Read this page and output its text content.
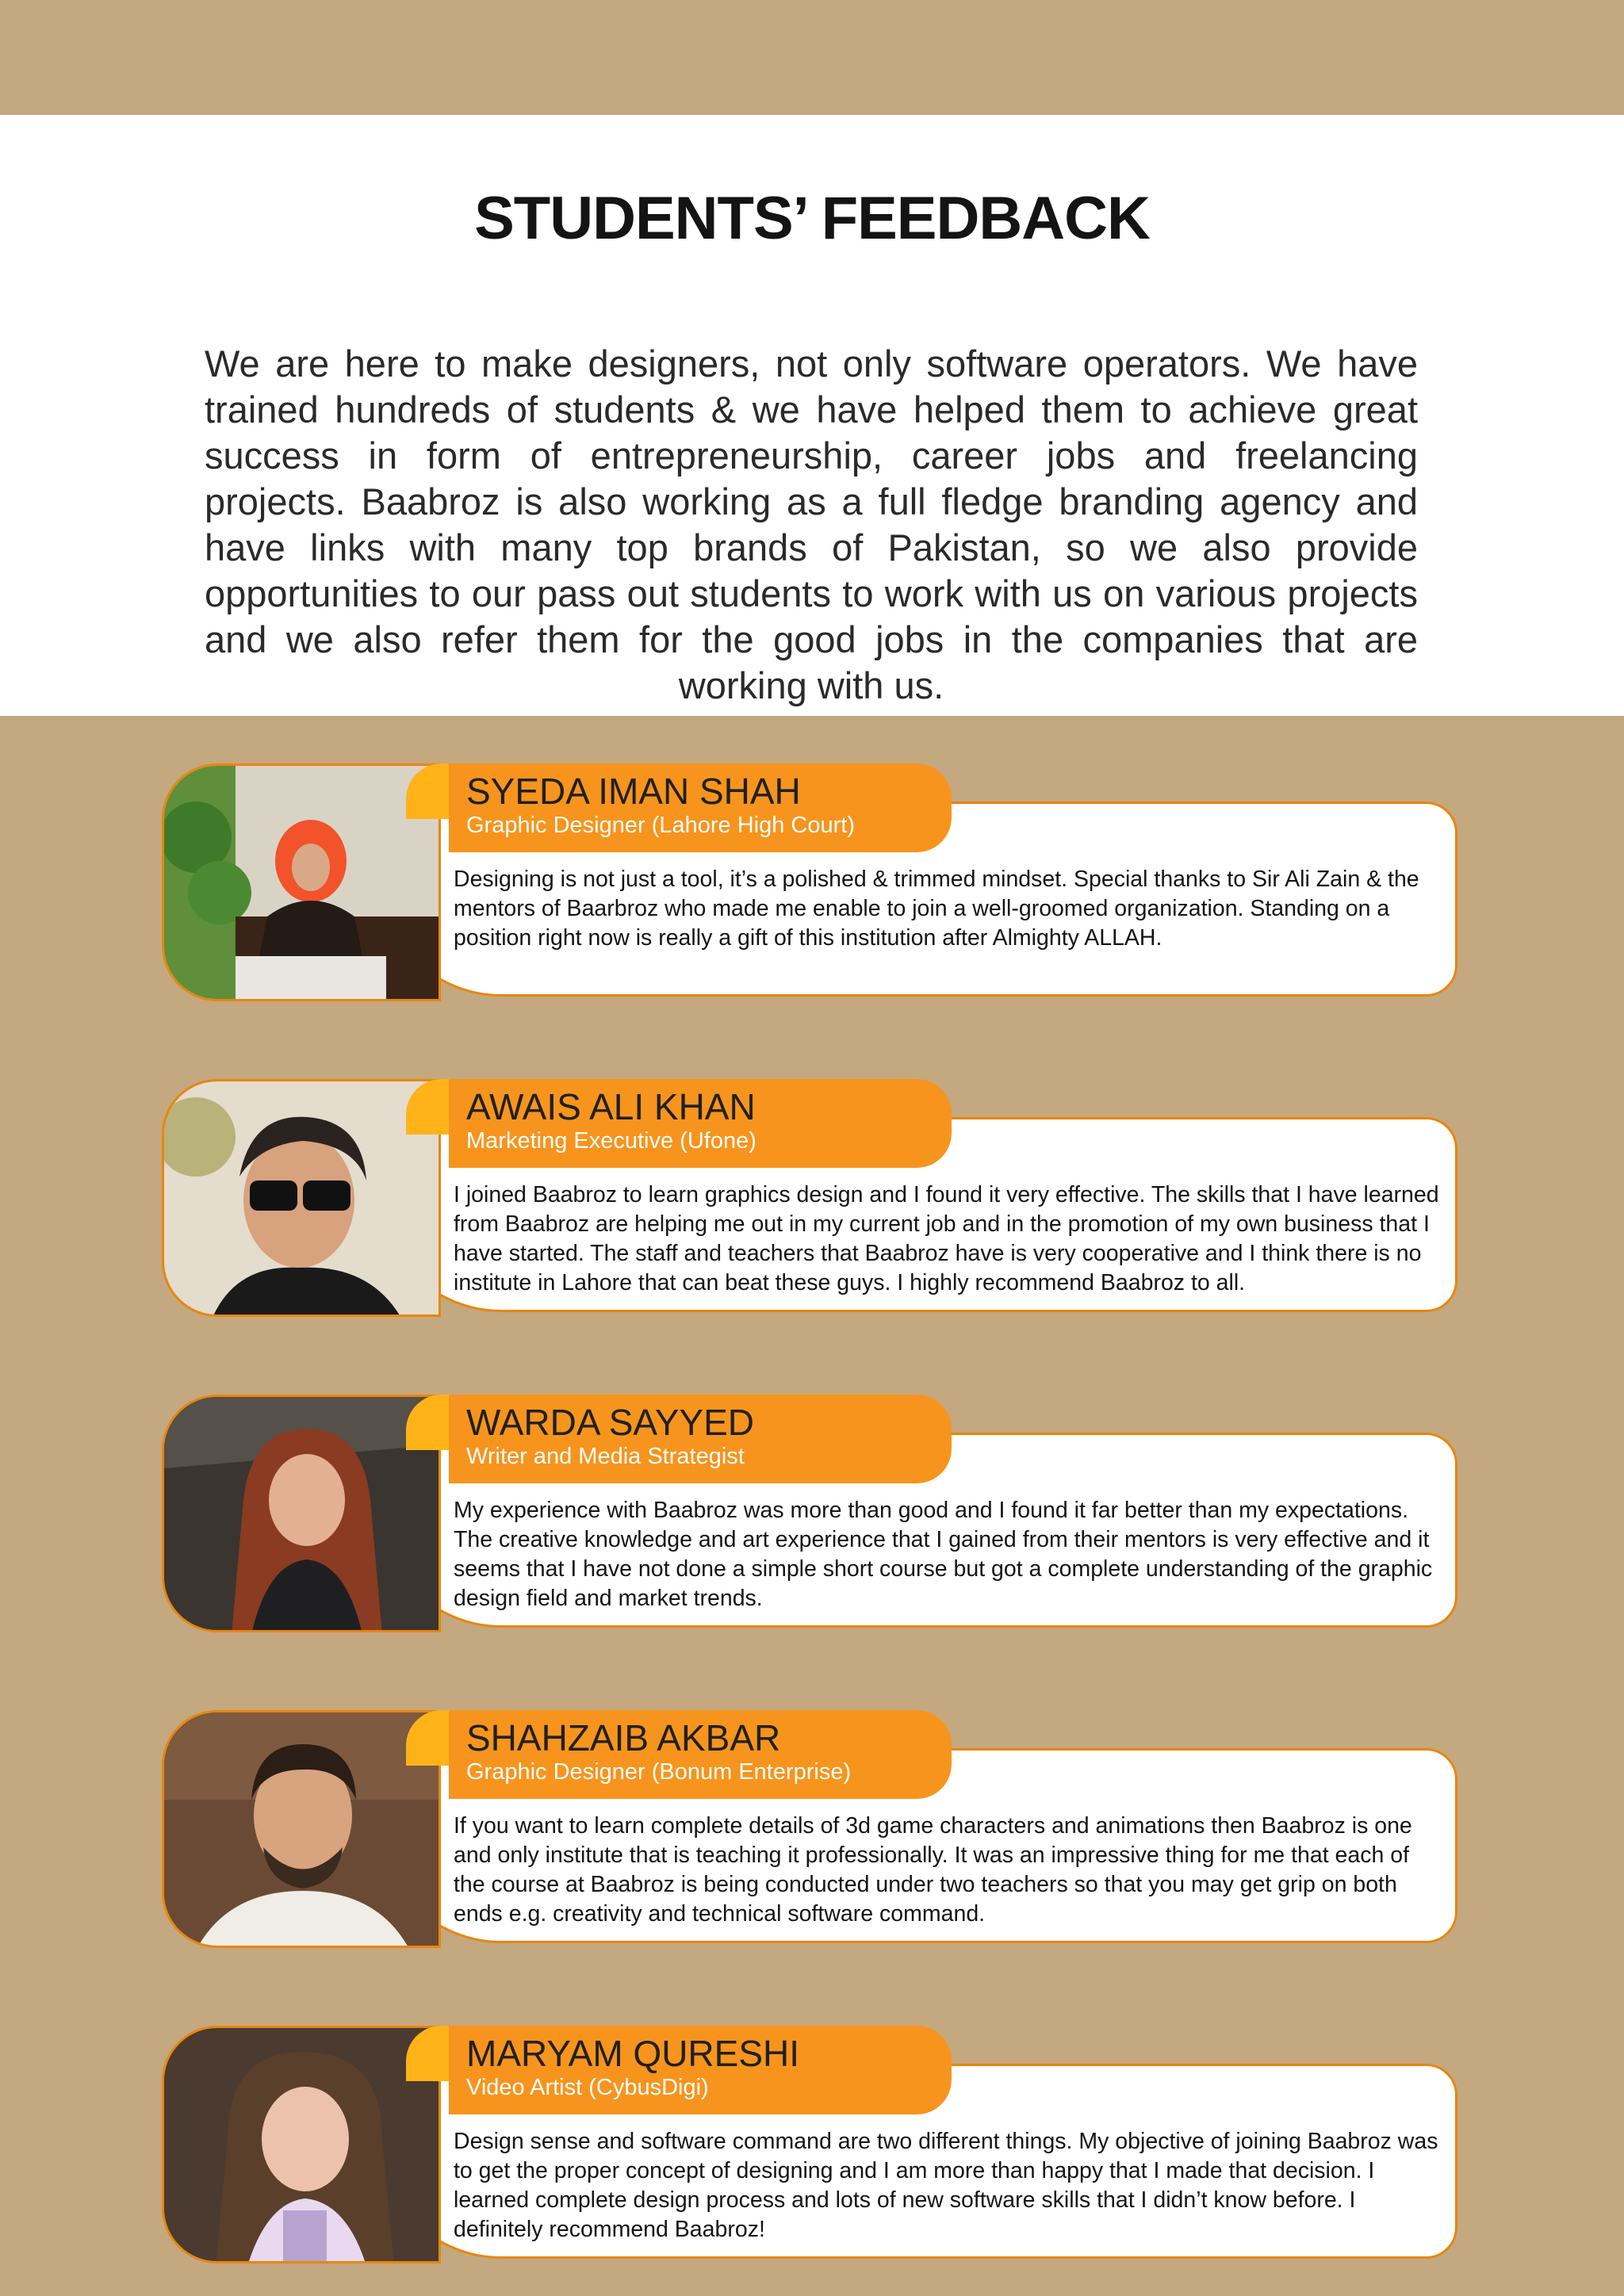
STUDENTS’ FEEDBACK
We are here to make designers, not only software operators. We have trained hundreds of students & we have helped them to achieve great success in form of entrepreneurship, career jobs and freelancing projects. Baabroz is also working as a full fledge branding agency and have links with many top brands of Pakistan, so we also provide opportunities to our pass out students to work with us on various projects and we also refer them for the good jobs in the companies that are working with us.
SYEDA IMAN SHAH
Graphic Designer (Lahore High Court)
Designing is not just a tool, it’s a polished & trimmed mindset. Special thanks to Sir Ali Zain & the mentors of Baarbroz who made me enable to join a well-groomed organization. Standing on a position right now is really a gift of this institution after Almighty ALLAH.
AWAIS ALI KHAN
Marketing Executive (Ufone)
I joined Baabroz to learn graphics design and I found it very effective. The skills that I have learned from Baabroz are helping me out in my current job and in the promotion of my own business that I have started. The staff and teachers that Baabroz have is very cooperative and I think there is no institute in Lahore that can beat these guys. I highly recommend Baabroz to all.
WARDA SAYYED
Writer and Media Strategist
My experience with Baabroz was more than good and I found it far better than my expectations. The creative knowledge and art experience that I gained from their mentors is very effective and it seems that I have not done a simple short course but got a complete understanding of the graphic design field and market trends.
SHAHZAIB AKBAR
Graphic Designer (Bonum Enterprise)
If you want to learn complete details of 3d game characters and animations then Baabroz is one and only institute that is teaching it professionally. It was an impressive thing for me that each of the course at Baabroz is being conducted under two teachers so that you may get grip on both ends e.g. creativity and technical software command.
MARYAM QURESHI
Video Artist (CybusDigi)
Design sense and software command are two different things. My objective of joining Baabroz was to get the proper concept of designing and I am more than happy that I made that decision. I learned complete design process and lots of new software skills that I didn’t know before. I definitely recommend Baabroz!
